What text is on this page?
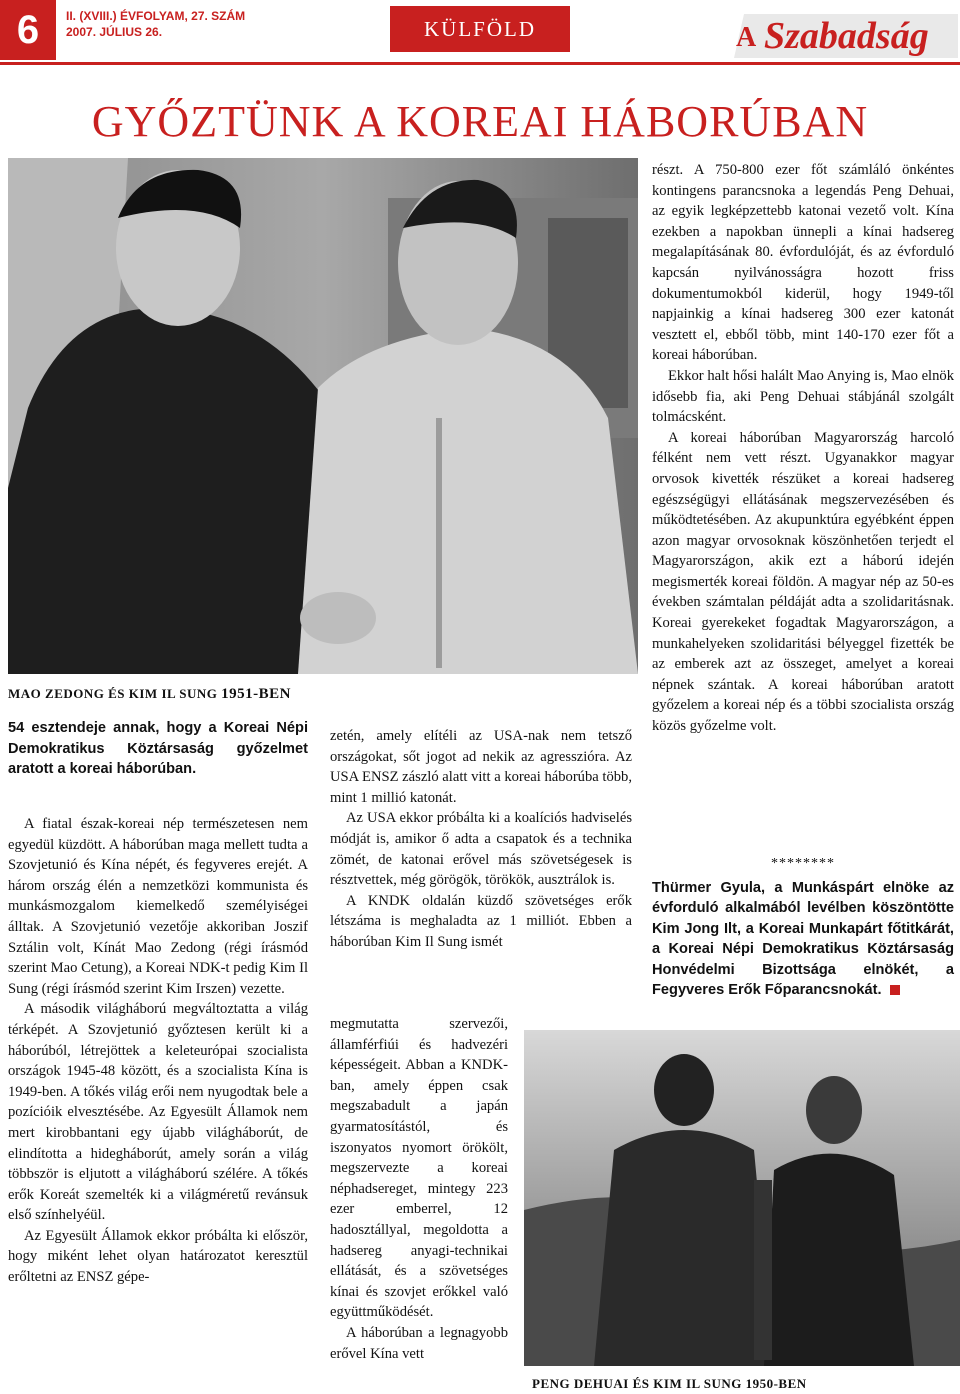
6	II. (XVIII.) ÉVFOLYAM, 27. SZÁM
2007. JÚLIUS 26.	KÜLFÖLD	A Szabadság
GYŐZTÜNK A KOREAI HÁBORÚBAN
MAO ZEDONG ÉS KIM IL SUNG 1951-BEN
54 esztendeje annak, hogy a Koreai Népi Demokratikus Köztársaság győzelmet aratott a koreai háborúban.

A fiatal észak-koreai nép természetesen nem egyedül küzdött. A háborúban maga mellett tudta a Szovjetunió és Kína népét, és fegyveres erejét. A három ország élén a nemzetközi kommunista és munkásmozgalom kiemelkedő személyiségei álltak. A Szovjetunió vezetője akkoriban Joszif Sztálin volt, Kínát Mao Zedong (régi írásmód szerint Mao Cetung), a Koreai NDK-t pedig Kim Il Sung (régi írásmód szerint Kim Irszen) vezette.

A második világháború megváltoztatta a világ térképét. A Szovjetunió győztesen került ki a háborúból, létrejöttek a keleteurópai szocialista országok 1945-48 között, és a szocialista Kína is 1949-ben. A tőkés világ erői nem nyugodtak bele a pozícióik elvesztésébe. Az Egyesült Államok nem mert kirobbantani egy újabb világháborút, de elindította a hidegháborút, amely során a világ többször is eljutott a világháború szélére. A tőkés erők Koreát szemelték ki a világméretű revánsuk első színhelyéül.

Az Egyesült Államok ekkor próbálta ki először, hogy miként lehet olyan határozatot keresztül erőltetni az ENSZ gépe-

zetén, amely elítéli az USA-nak nem tetsző országokat, sőt jogot ad nekik az agresszióra. Az USA ENSZ zászló alatt vitt a koreai háborúba több, mint 1 millió katonát.

Az USA ekkor próbálta ki a koalíciós hadviselés módját is, amikor ő adta a csapatok és a technika zömét, de katonai erővel más szövetségesek is résztvettek, még görögök, törökök, ausztrálok is.

A KNDK oldalán küzdő szövetséges erők létszáma is meghaladta az 1 milliót. Ebben a háborúban Kim Il Sung ismét

megmutatta szervezői, államférfiúi és hadvezéri képességeit. Abban a KNDK-ban, amely éppen csak megszabadult a japán gyarmatosítástól, és iszonyatos nyomort örökölt, megszervezte a koreai néphadsereget, mintegy 223 ezer emberrel, 12 hadosztállyal, megoldotta a hadsereg anyagi-technikai ellátását, és a szövetséges kínai és szovjet erőkkel való együttműködését.

A háborúban a legnagyobb erővel Kína vett

PENG DEHUAI ÉS KIM IL SUNG 1950-BEN

részt. A 750-800 ezer főt számláló önkéntes kontingens parancsnoka a legendás Peng Dehuai, az egyik legképzettebb katonai vezető volt. Kína ezekben a napokban ünnepli a kínai hadsereg megalapításának 80. évfordulóját, és az évforduló kapcsán nyilvánosságra hozott friss dokumentumokból kiderül, hogy 1949-től napjainkig a kínai hadsereg 300 ezer katonát vesztett el, ebből több, mint 140-170 ezer főt a koreai háborúban.

Ekkor halt hősi halált Mao Anying is, Mao elnök idősebb fia, aki Peng Dehuai stábjánál szolgált tolmácsként.

A koreai háborúban Magyarország harcoló félként nem vett részt. Ugyanakkor magyar orvosok kivették részüket a koreai hadsereg egészségügyi ellátásának megszervezésében és működtetésében. Az akupunktúra egyébként éppen azon magyar orvosoknak köszönhetően terjedt el Magyarországon, akik ezt a háború idején megismerték koreai földön. A magyar nép az 50-es években számtalan példáját adta a szolidaritásnak. Koreai gyerekeket fogadtak Magyarországon, a munkahelyeken szolidaritási bélyeggel fizették be az emberek azt az összeget, amelyet a koreai népnek szántak. A koreai háborúban aratott győzelem a koreai nép és a többi szocialista ország közös győzelme volt.

********
Thürmer Gyula, a Munkáspárt elnöke az évforduló alkalmából levélben köszöntötte Kim Jong Ilt, a Koreai Munkapárt főtitkárát, a Koreai Népi Demokratikus Köztársaság Honvédelmi Bizottsága elnökét, a Fegyveres Erők Főparancsnokát.
